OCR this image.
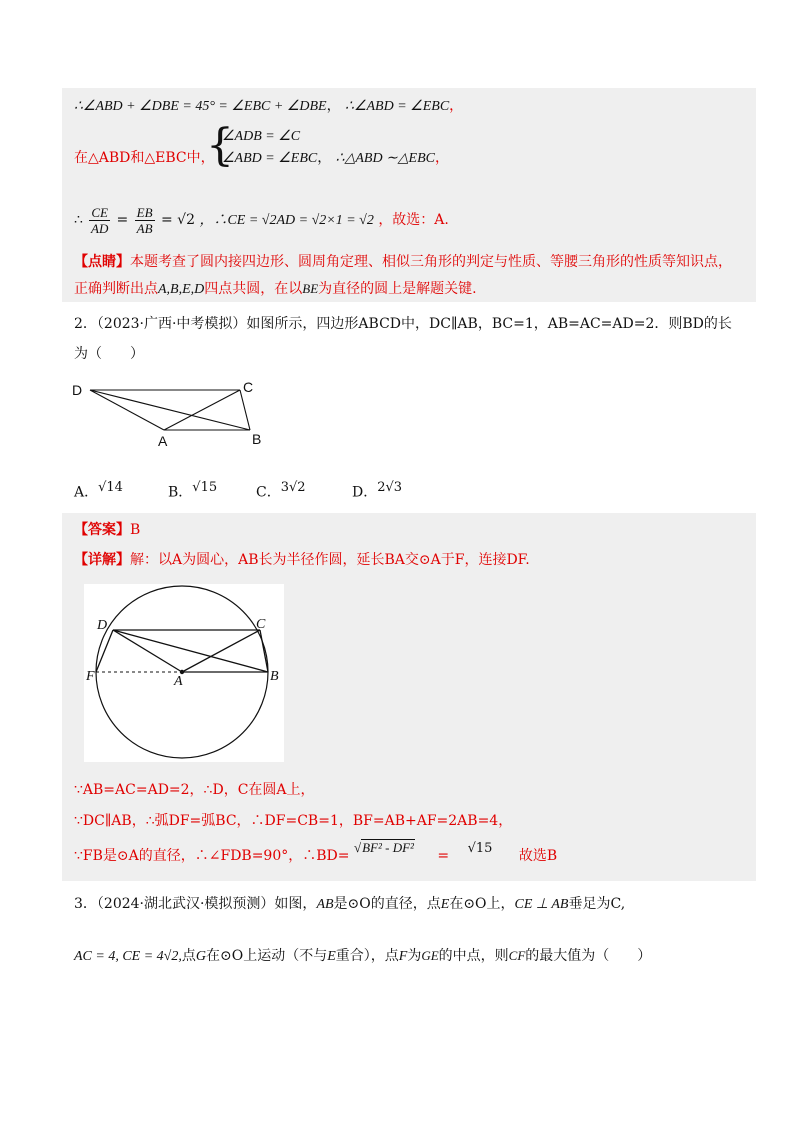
∴∠ABD + ∠DBE = 45° = ∠EBC + ∠DBE， ∴∠ABD = ∠EBC，
{
∠ADB = ∠C
在△ABD和△EBC中， ∠ABD = ∠EBC， ∴△ABD ∼△EBC，
∴ $\frac{CE}{AD} = \frac{EB}{AB} = √2$ ，∴CE = √2AD = √2×1 = √2 ，故选：A.
【点睛】本题考查了圆内接四边形、圆周角定理、相似三角形的判定与性质、等腰三角形的性质等知识点，
正确判断出点A,B,E,D四点共圆，在以BE为直径的圆上是解题关键.
2．（2023·广西·中考模拟）如图所示，四边形ABCD中，DC∥AB，BC=1，AB=AC=AD=2．则BD的长
为（　　）
D	C
A	B
A．$^{√14}$	B．$^{√15}$	C．$^{3√2}$	D．$^{2√3}$
【答案】B
【详解】解：以A为圆心，AB长为半径作圆，延长BA交⊙A于F，连接DF.
D	C
F	A	B
∵AB=AC=AD=2，∴D，C在圆A上，
∵DC∥AB，∴弧DF=弧BC，∴DF=CB=1，BF=AB+AF=2AB=4，
∵FB是⊙A的直径，∴∠FDB=90°，∴BD= √BF² - DF² = √15 故选B
3．（2024·湖北武汉·模拟预测）如图，AB是⊙O的直径，点E在⊙O上，CE ⊥ AB垂足为C,
AC = 4, CE = 4√2,点G在⊙O上运动（不与E重合），点F为GE的中点，则CF的最大值为（　　）
